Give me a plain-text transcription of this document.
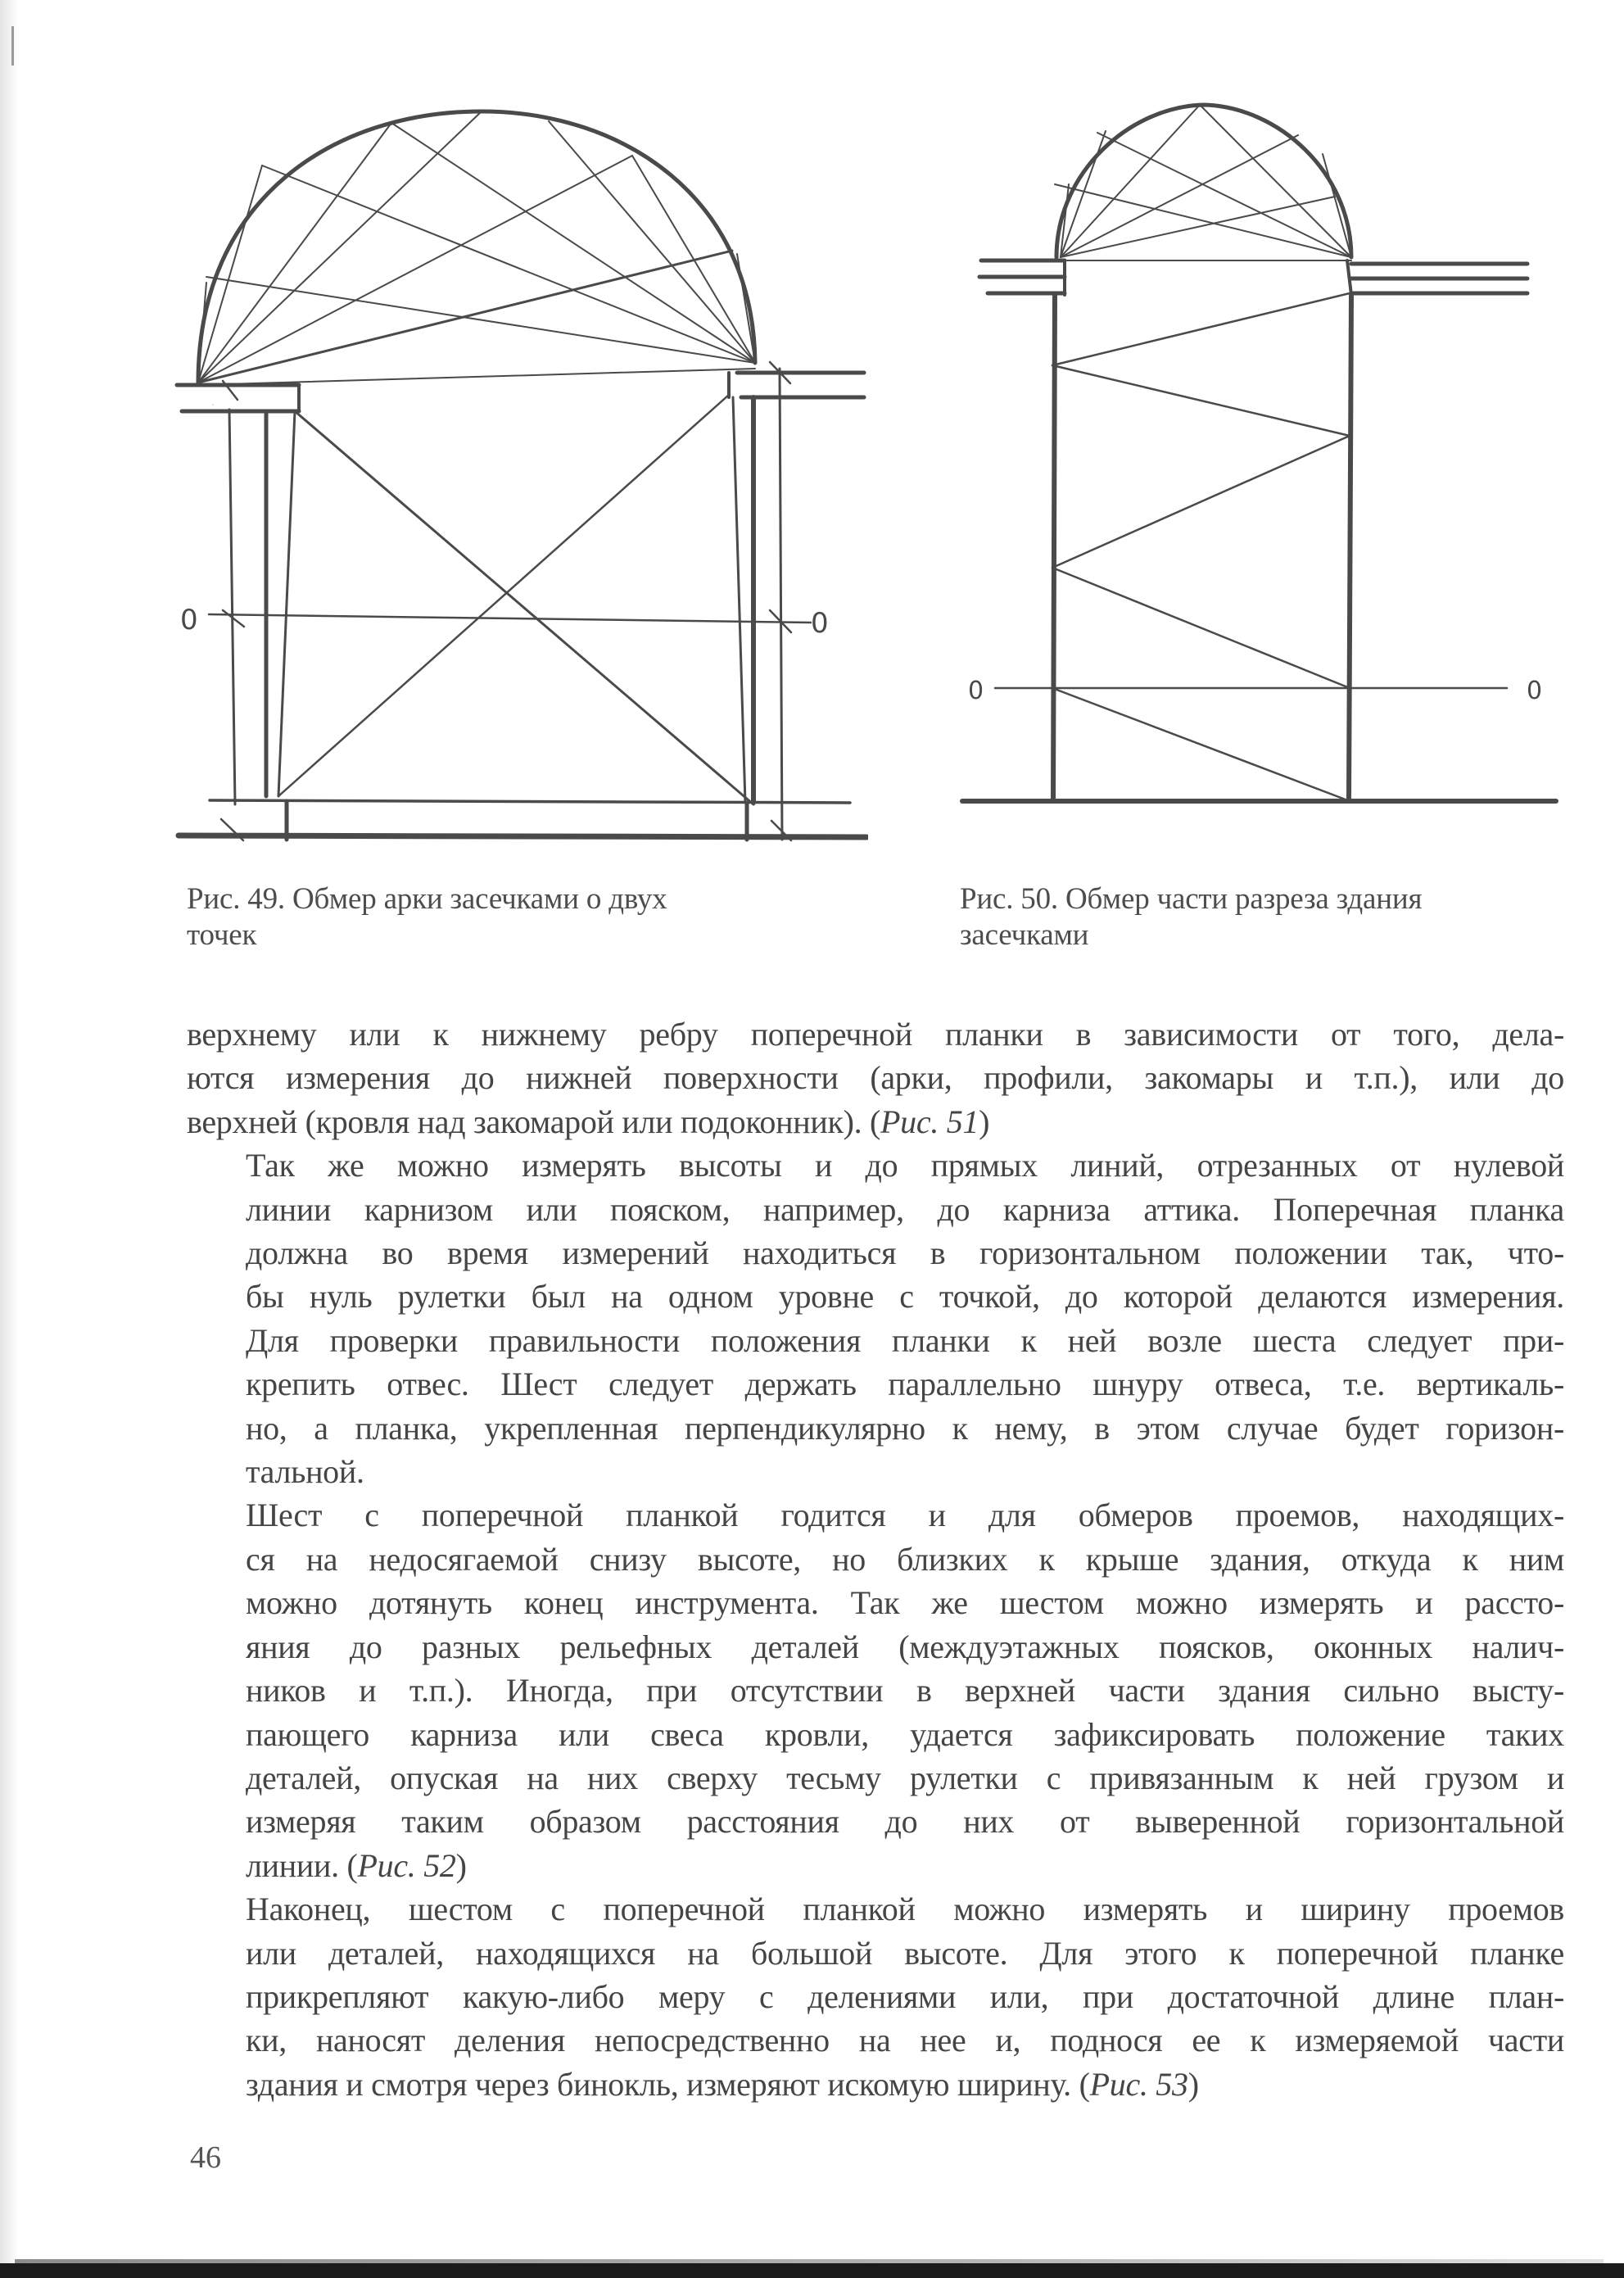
0	0
0	0
Рис. 49. Обмер арки засечками о двух
точек
Рис. 50. Обмер части разреза здания
засечками

верхнему или к нижнему ребру поперечной планки в зависимости от того, дела-
ются измерения до нижней поверхности (арки, профили, закомары и т.п.), или до
верхней (кровля над закомарой или подоконник). (Рис. 51)

Так же можно измерять высоты и до прямых линий, отрезанных от нулевой
линии карнизом или пояском, например, до карниза аттика. Поперечная планка
должна во время измерений находиться в горизонтальном положении так, что-
бы нуль рулетки был на одном уровне с точкой, до которой делаются измерения.
Для проверки правильности положения планки к ней возле шеста следует при-
крепить отвес. Шест следует держать параллельно шнуру отвеса, т.е. вертикаль-
но, а планка, укрепленная перпендикулярно к нему, в этом случае будет горизон-
тальной.

Шест с поперечной планкой годится и для обмеров проемов, находящих-
ся на недосягаемой снизу высоте, но близких к крыше здания, откуда к ним
можно дотянуть конец инструмента. Так же шестом можно измерять и рассто-
яния до разных рельефных деталей (междуэтажных поясков, оконных налич-
ников и т.п.). Иногда, при отсутствии в верхней части здания сильно высту-
пающего карниза или свеса кровли, удается зафиксировать положение таких
деталей, опуская на них сверху тесьму рулетки с привязанным к ней грузом и
измеряя таким образом расстояния до них от выверенной горизонтальной
линии. (Рис. 52)

Наконец, шестом с поперечной планкой можно измерять и ширину проемов
или деталей, находящихся на большой высоте. Для этого к поперечной планке
прикрепляют какую-либо меру с делениями или, при достаточной длине план-
ки, наносят деления непосредственно на нее и, поднося ее к измеряемой части
здания и смотря через бинокль, измеряют искомую ширину. (Рис. 53)

46
